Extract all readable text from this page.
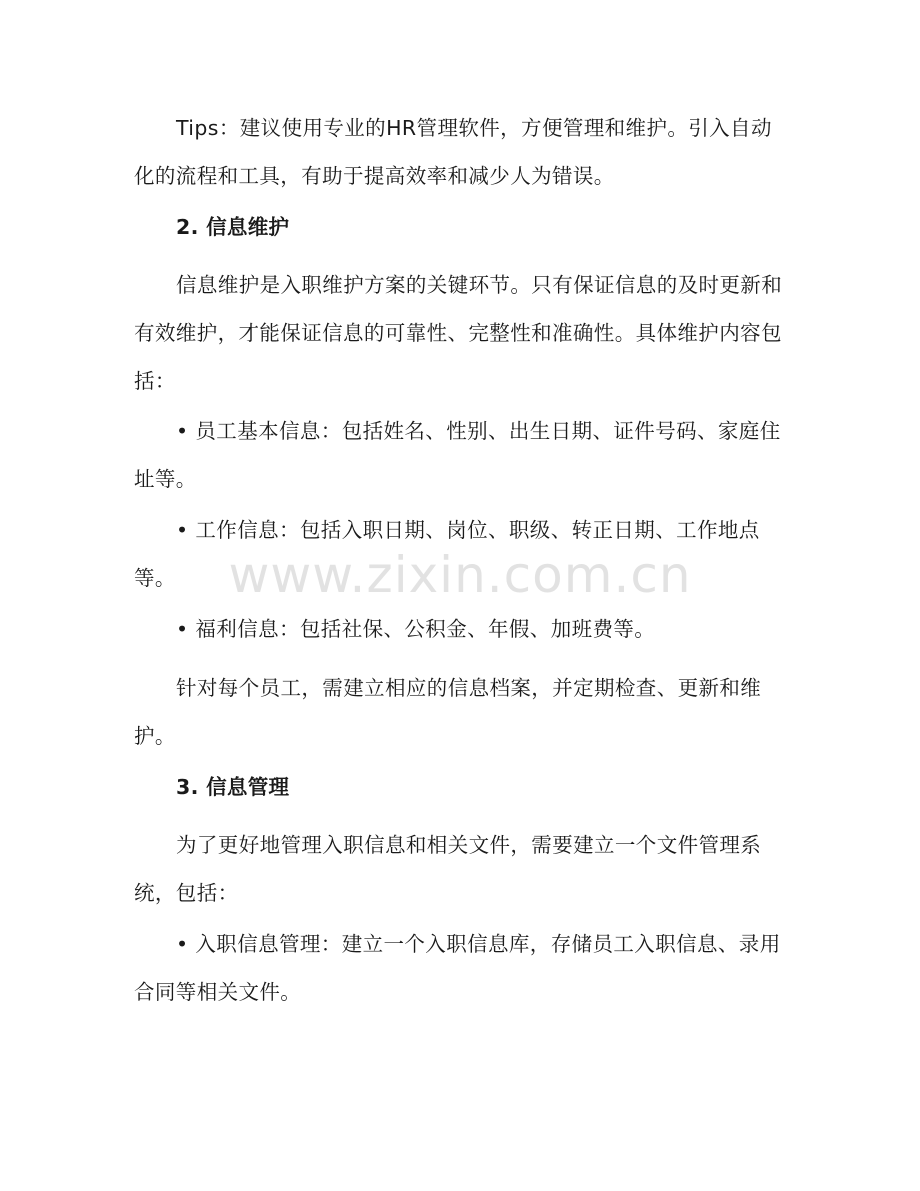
Tips：建议使用专业的HR管理软件，方便管理和维护。引入自动化的流程和工具，有助于提高效率和减少人为错误。

2. 信息维护

信息维护是入职维护方案的关键环节。只有保证信息的及时更新和有效维护，才能保证信息的可靠性、完整性和准确性。具体维护内容包括：

• 员工基本信息：包括姓名、性别、出生日期、证件号码、家庭住址等。

• 工作信息：包括入职日期、岗位、职级、转正日期、工作地点等。

• 福利信息：包括社保、公积金、年假、加班费等。

针对每个员工，需建立相应的信息档案，并定期检查、更新和维护。

3. 信息管理

为了更好地管理入职信息和相关文件，需要建立一个文件管理系统，包括：

• 入职信息管理：建立一个入职信息库，存储员工入职信息、录用合同等相关文件。

www.zixin.com.cn
